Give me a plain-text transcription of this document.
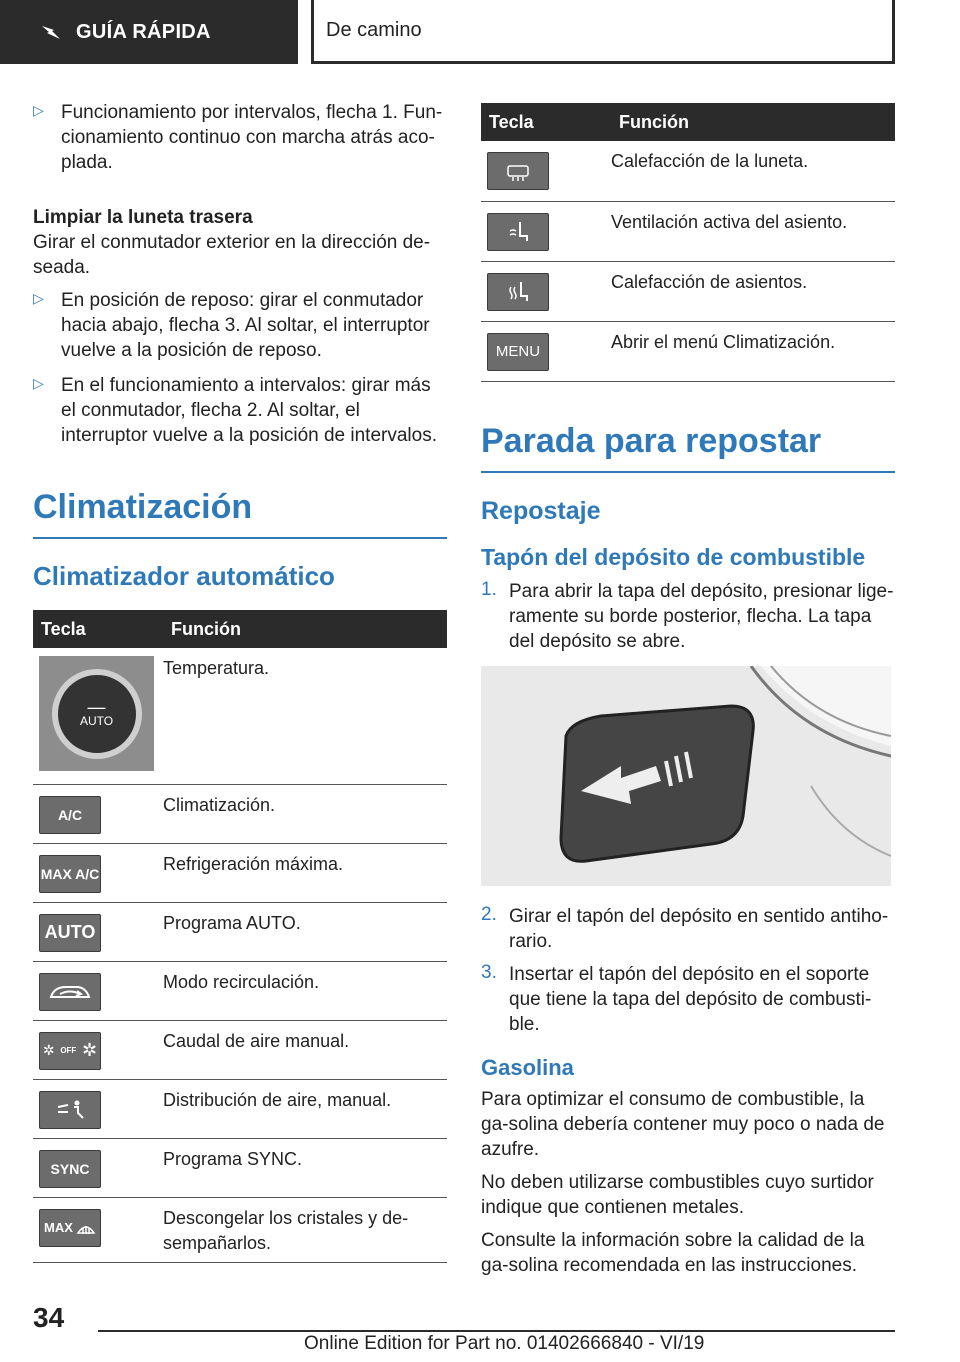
GUÍA RÁPIDA	De camino
▷ Funcionamiento por intervalos, flecha 1. Fun-cionamiento continuo con marcha atrás aco-plada.

Limpiar la luneta trasera

Girar el conmutador exterior en la dirección de-seada.

▷ En posición de reposo: girar el conmutador hacia abajo, flecha 3. Al soltar, el interruptor vuelve a la posición de reposo.

▷ En el funcionamiento a intervalos: girar más el conmutador, flecha 2. Al soltar, el interruptor vuelve a la posición de intervalos.

Climatización
Climatizador automático
Tecla	Función

—
AUTO	Temperatura.

A/C	Climatización.

MAX A/C	Refrigeración máxima.

AUTO	Programa AUTO.

	Modo recirculación.

✲ OFF ✲	Caudal de aire manual.

	Distribución de aire, manual.

SYNC	Programa SYNC.

MAX	Descongelar los cristales y de-sempañarlos.
Tecla	Función

	Calefacción de la luneta.

	Ventilación activa del asiento.

	Calefacción de asientos.

MENU	Abrir el menú Climatización.
Parada para repostar
Repostaje
Tapón del depósito de combustible
1. Para abrir la tapa del depósito, presionar lige-ramente su borde posterior, flecha. La tapa del depósito se abre.

2. Girar el tapón del depósito en sentido antiho-rario.

3. Insertar el tapón del depósito en el soporte que tiene la tapa del depósito de combusti-ble.

Gasolina

Para optimizar el consumo de combustible, la ga-solina debería contener muy poco o nada de azufre.

No deben utilizarse combustibles cuyo surtidor indique que contienen metales.

Consulte la información sobre la calidad de la ga-solina recomendada en las instrucciones.

34
Online Edition for Part no. 01402666840 - VI/19
